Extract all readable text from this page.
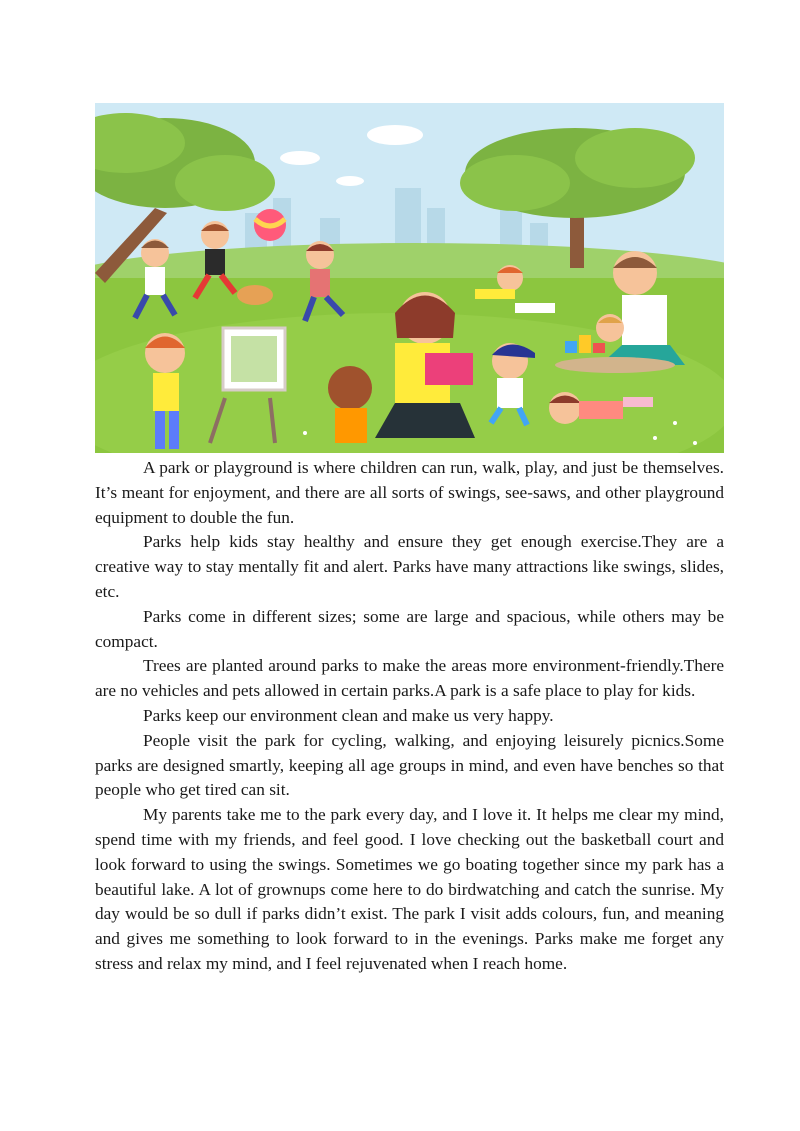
A park or playground is where children can run, walk, play, and just be themselves. It’s meant for enjoyment, and there are all sorts of swings, see-saws, and other playground equipment to double the fun.

Parks help kids stay healthy and ensure they get enough exercise.They are a creative way to stay mentally fit and alert. Parks have many attractions like swings, slides, etc.

Parks come in different sizes; some are large and spacious, while others may be compact.

Trees are planted around parks to make the areas more environment-friendly.There are no vehicles and pets allowed in certain parks.A park is a safe place to play for kids.

Parks keep our environment clean and make us very happy.

People visit the park for cycling, walking, and enjoying leisurely picnics.Some parks are designed smartly, keeping all age groups in mind, and even have benches so that people who get tired can sit.

My parents take me to the park every day, and I love it. It helps me clear my mind, spend time with my friends, and feel good. I love checking out the basketball court and look forward to using the swings. Sometimes we go boating together since my park has a beautiful lake. A lot of grownups come here to do birdwatching and catch the sunrise. My day would be so dull if parks didn’t exist. The park I visit adds colours, fun, and meaning and gives me something to look forward to in the evenings. Parks make me forget any stress and relax my mind, and I feel rejuvenated when I reach home.
